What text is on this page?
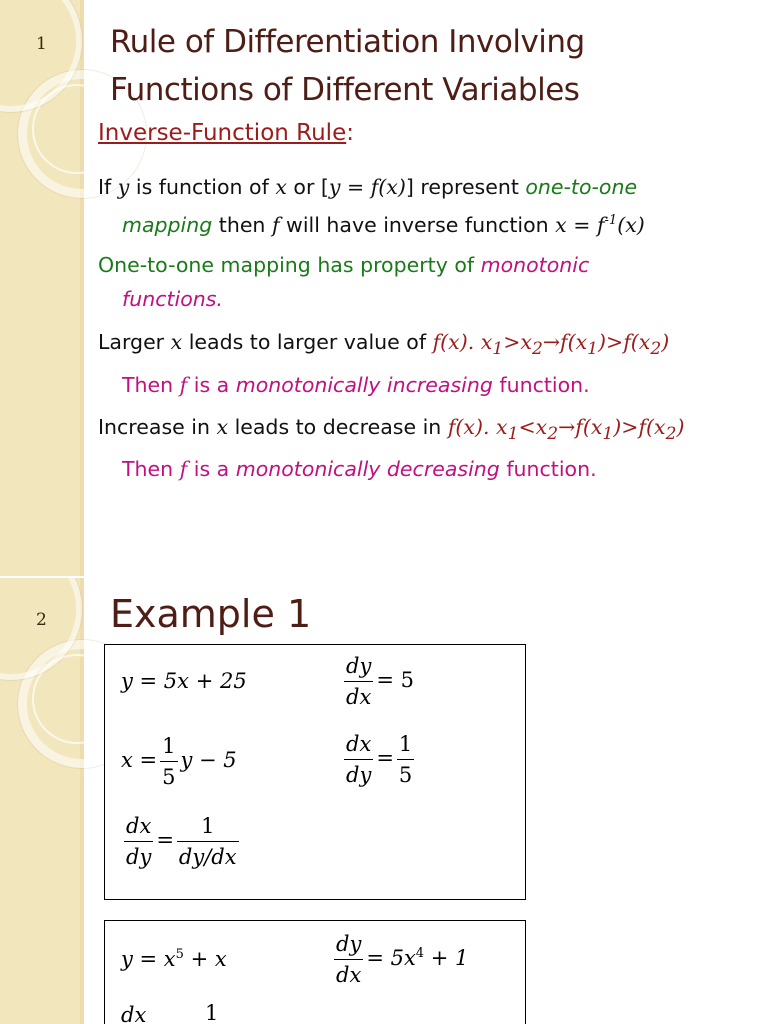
1 Rule of Differentiation Involving
Functions of Different Variables
Inverse-Function Rule:
If y is function of x or [y = f(x)] represent one-to-one
mapping then f will have inverse function $x = f^{-1}(x)$
One-to-one mapping has property of monotonic
functions.
Larger x leads to larger value of f(x). $x_1>x_2\to f(x_1)>f(x_2)$
Then f is a monotonically increasing function.
Increase in x leads to decrease in f(x). $x_1<x_2\to f(x_1)>f(x_2)$
Then f is a monotonically decreasing function.
2 Example 1
y = 5x + 25	$\frac{dy}{dx} = 5$
$x = \frac{1}{5}$ y − 5	$\frac{dx}{dy} = \frac{1}{5}$
$\frac{dx}{dy} = \frac{1}{dy/dx}$
$y = x^5 + x$	$\frac{dy}{dx} = 5x^4 + 1$
dx	1
